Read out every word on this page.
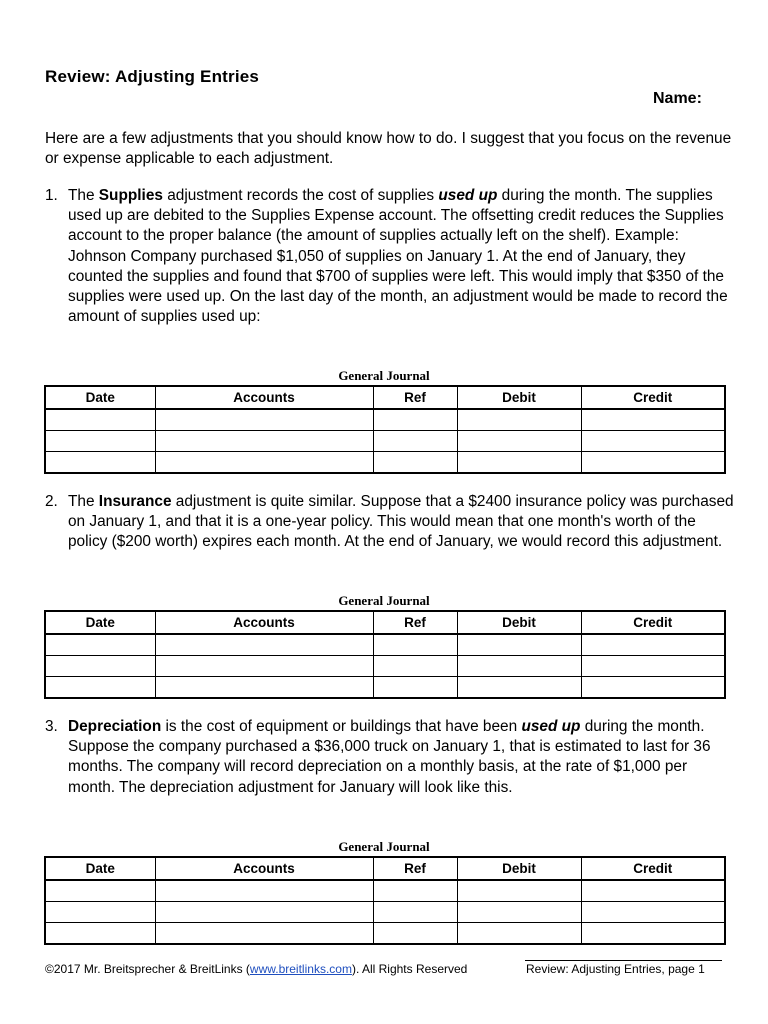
Review: Adjusting Entries
Name:
Here are a few adjustments that you should know how to do. I suggest that you focus on the revenue or expense applicable to each adjustment.
1. The Supplies adjustment records the cost of supplies used up during the month. The supplies used up are debited to the Supplies Expense account. The offsetting credit reduces the Supplies account to the proper balance (the amount of supplies actually left on the shelf). Example: Johnson Company purchased $1,050 of supplies on January 1. At the end of January, they counted the supplies and found that $700 of supplies were left. This would imply that $350 of the supplies were used up. On the last day of the month, an adjustment would be made to record the amount of supplies used up:
General Journal
Date	Accounts	Ref	Debit	Credit

2. The Insurance adjustment is quite similar. Suppose that a $2400 insurance policy was purchased on January 1, and that it is a one-year policy. This would mean that one month's worth of the policy ($200 worth) expires each month. At the end of January, we would record this adjustment.
General Journal
Date	Accounts	Ref	Debit	Credit

3. Depreciation is the cost of equipment or buildings that have been used up during the month. Suppose the company purchased a $36,000 truck on January 1, that is estimated to last for 36 months. The company will record depreciation on a monthly basis, at the rate of $1,000 per month. The depreciation adjustment for January will look like this.
General Journal
Date	Accounts	Ref	Debit	Credit

©2017 Mr. Breitsprecher & BreitLinks (www.breitlinks.com). All Rights Reserved	Review: Adjusting Entries, page 1
